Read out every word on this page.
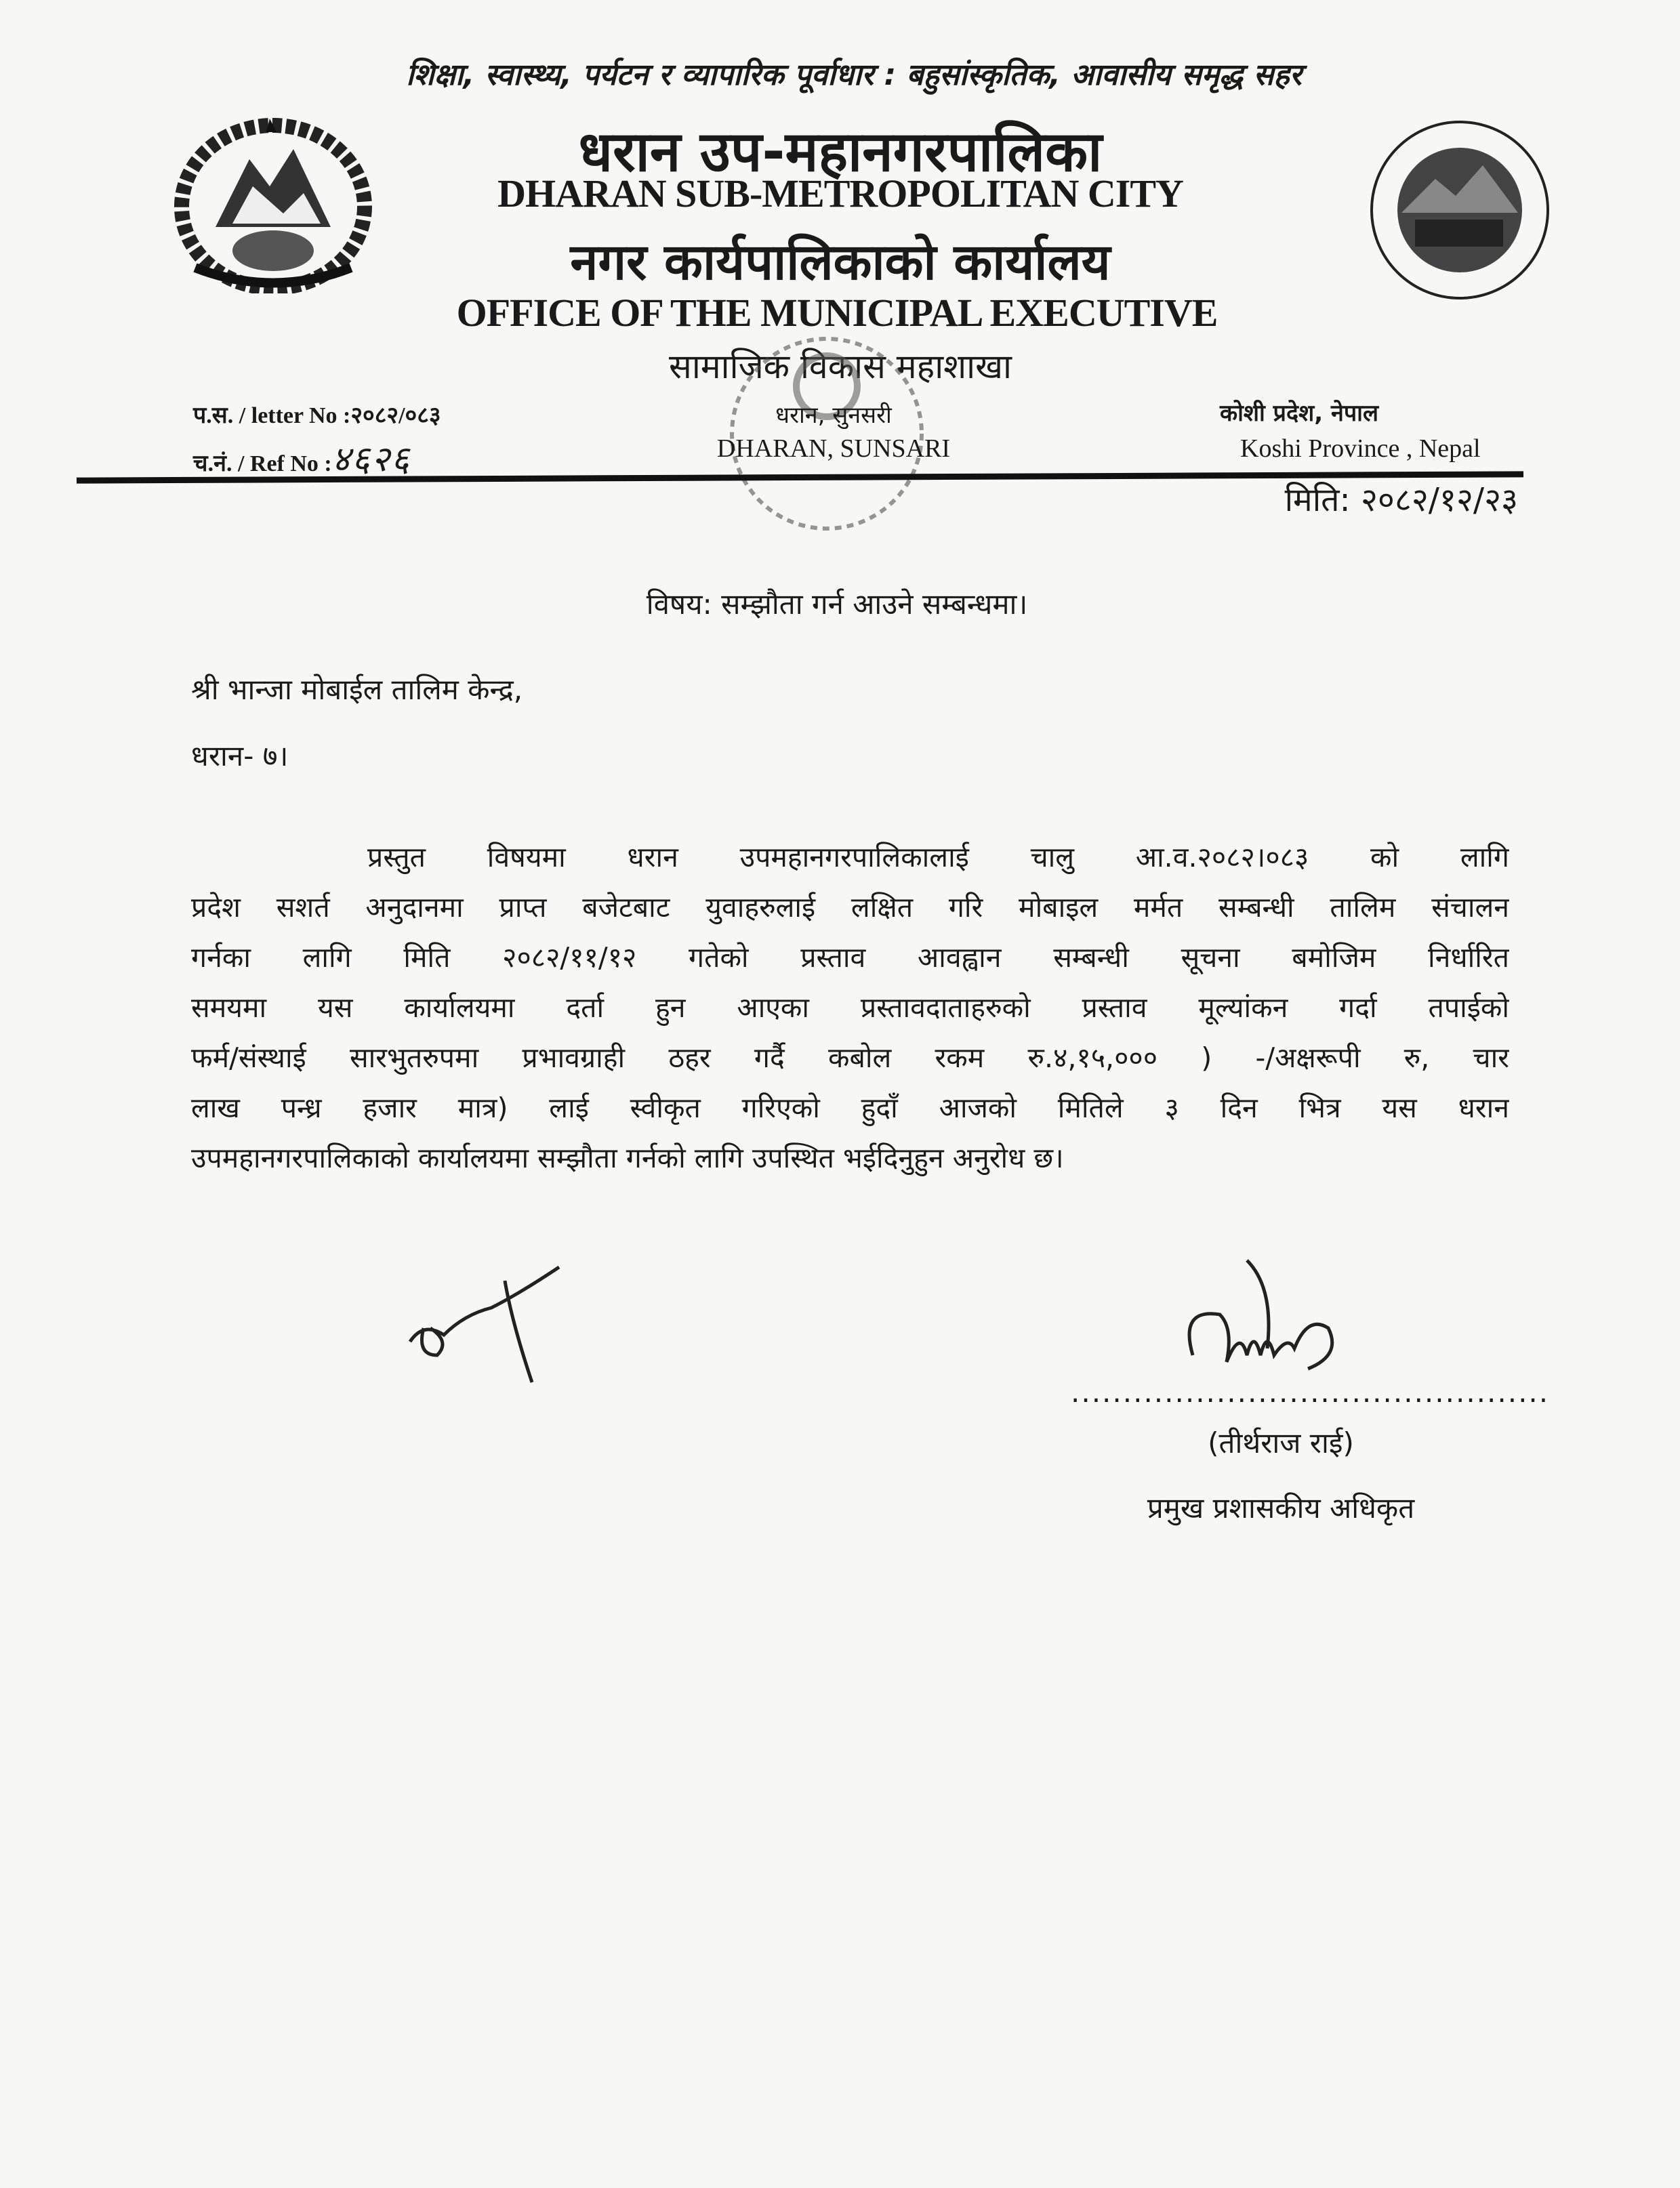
शिक्षा, स्वास्थ्य, पर्यटन र व्यापारिक पूर्वाधार : बहुसांस्कृतिक, आवासीय समृद्ध सहर
धरान उप-महानगरपालिका
DHARAN SUB-METROPOLITAN CITY
नगर कार्यपालिकाको कार्यालय
OFFICE OF THE MUNICIPAL EXECUTIVE
सामाजिक विकास महाशाखा
प.स. / letter No :२०८२/०८३
च.नं. / Ref No :४६२६
धरान, सुनसरी
DHARAN, SUNSARI
कोशी प्रदेश, नेपाल
Koshi Province , Nepal
मिति: २०८२/१२/२३
विषय: सम्झौता गर्न आउने सम्बन्धमा।
श्री भान्जा मोबाईल तालिम केन्द्र,
धरान- ७।
प्रस्तुत विषयमा धरान उपमहानगरपालिकालाई चालु आ.व.२०८२।०८३ को लागि
प्रदेश सशर्त अनुदानमा प्राप्त बजेटबाट युवाहरुलाई लक्षित गरि मोबाइल मर्मत सम्बन्धी तालिम संचालन
गर्नका लागि मिति २०८२/११/१२ गतेको प्रस्ताव आवह्वान सम्बन्धी सूचना बमोजिम निर्धारित
समयमा यस कार्यालयमा दर्ता हुन आएका प्रस्तावदाताहरुको प्रस्ताव मूल्यांकन गर्दा तपाईको
फर्म/संस्थाई सारभुतरुपमा प्रभावग्राही ठहर गर्दै कबोल रकम रु.४,१५,००० ) -/अक्षरूपी रु, चार
लाख पन्ध्र हजार मात्र) लाई स्वीकृत गरिएको हुदाँ आजको मितिले ३ दिन भित्र यस धरान
उपमहानगरपालिकाको कार्यालयमा सम्झौता गर्नको लागि उपस्थित भईदिनुहुन अनुरोध छ।
..............................................
(तीर्थराज राई)
प्रमुख प्रशासकीय अधिकृत
